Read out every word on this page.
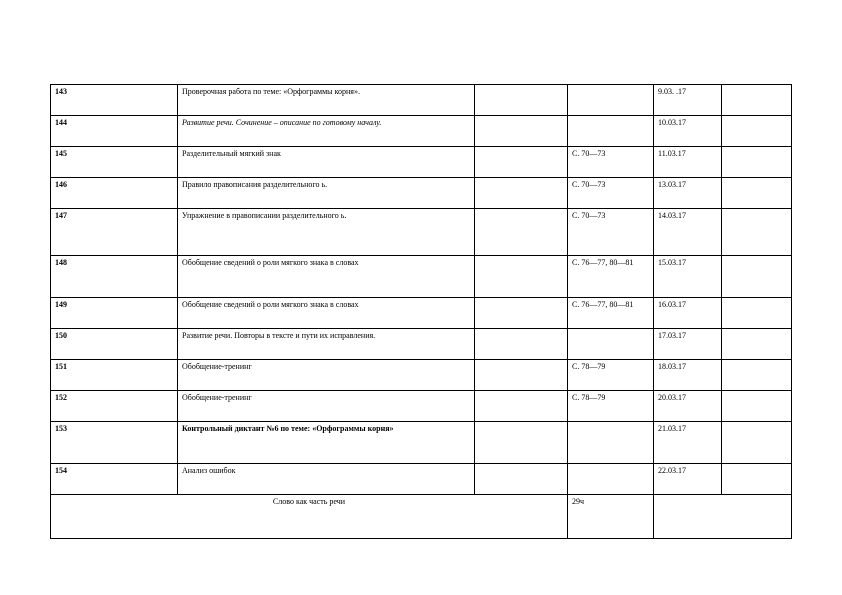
143	Проверочная работа по теме: «Орфограммы корня».			9.03. .17	
144	Развитие речи. Сочинение – описание по готовому началу.			10.03.17	
145	Разделительный мягкий знак		С. 70—73	11.03.17	
146	Правило правописания разделительного ь.		С. 70—73	13.03.17	
147	Упражнение в правописании разделительного ь.		С. 70—73	14.03.17	
148	Обобщение сведений о роли мягкого знака в словах		С. 76—77, 80—81	15.03.17	
149	Обобщение сведений о роли мягкого знака в словах		С. 76—77, 80—81	16.03.17	
150	Развитие речи. Повторы в тексте и пути их исправления.			17.03.17	
151	Обобщение-тренинг		С. 78—79	18.03.17	
152	Обобщение-тренинг		С. 78—79	20.03.17	
153	Контрольный диктант №6 по теме: «Орфограммы корня»			21.03.17	
154	Анализ ошибок			22.03.17	
Слово как часть речи			29ч		
